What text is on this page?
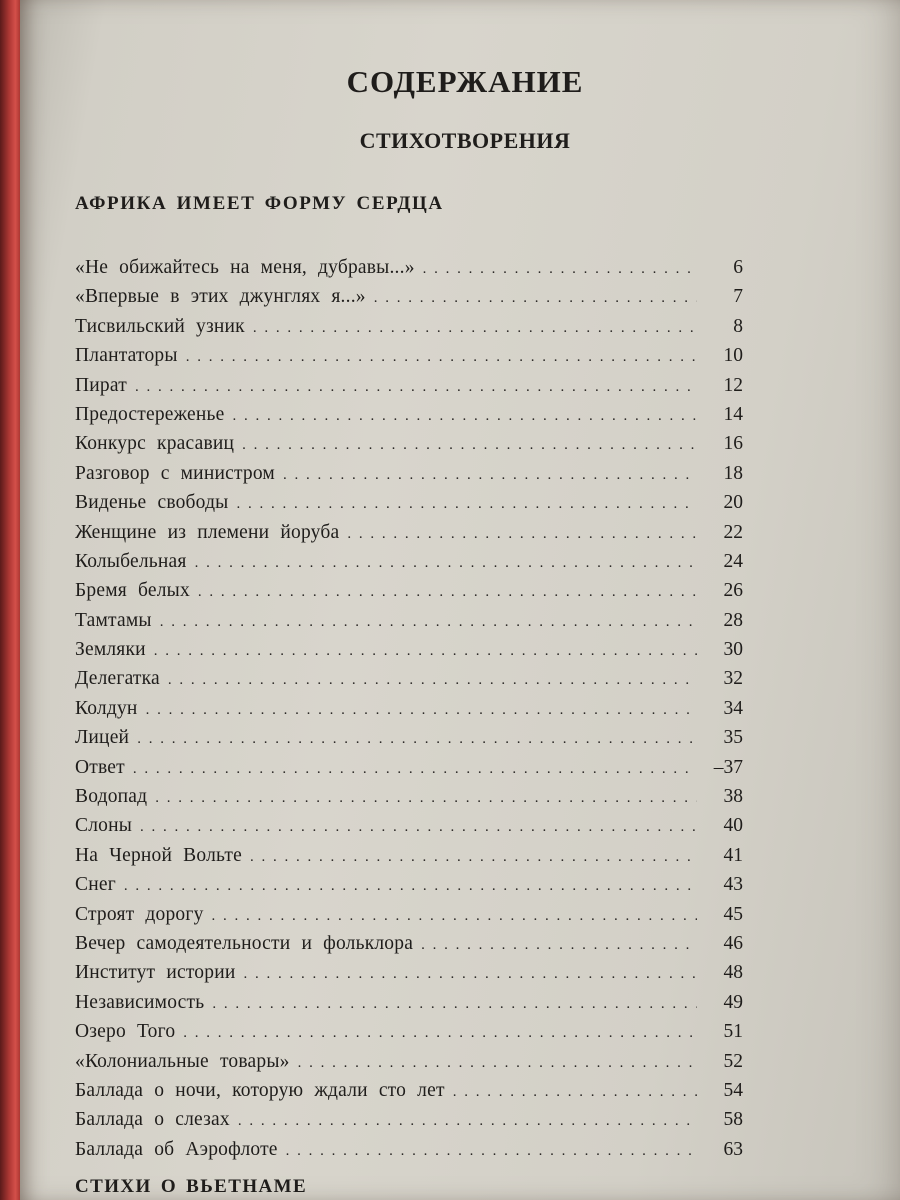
СОДЕРЖАНИЕ
СТИХОТВОРЕНИЯ
АФРИКА ИМЕЕТ ФОРМУ СЕРДЦА
«Не обижайтесь на меня, дубравы...» . . .	6
«Впервые в этих джунглях я...» . . .	7
Тисвильский узник . . .	8
Плантаторы . . .	10
Пират . . .	12
Предостереженье . . .	14
Конкурс красавиц . . .	16
Разговор с министром . . .	18
Виденье свободы . . .	20
Женщине из племени йоруба . . .	22
Колыбельная . . .	24
Бремя белых . . .	26
Тамтамы . . .	28
Земляки . . .	30
Делегатка . . .	32
Колдун . . .	34
Лицей . . .	35
Ответ . . .	–37
Водопад . . .	38
Слоны . . .	40
На Черной Вольте . . .	41
Снег . . .	43
Строят дорогу . . .	45
Вечер самодеятельности и фольклора . . .	46
Институт истории . . .	48
Независимость . . .	49
Озеро Того . . .	51
«Колониальные товары» . . .	52
Баллада о ночи, которую ждали сто лет . . .	54
Баллада о слезах . . .	58
Баллада об Аэрофлоте . . .	63
СТИХИ О ВЬЕТНАМЕ
